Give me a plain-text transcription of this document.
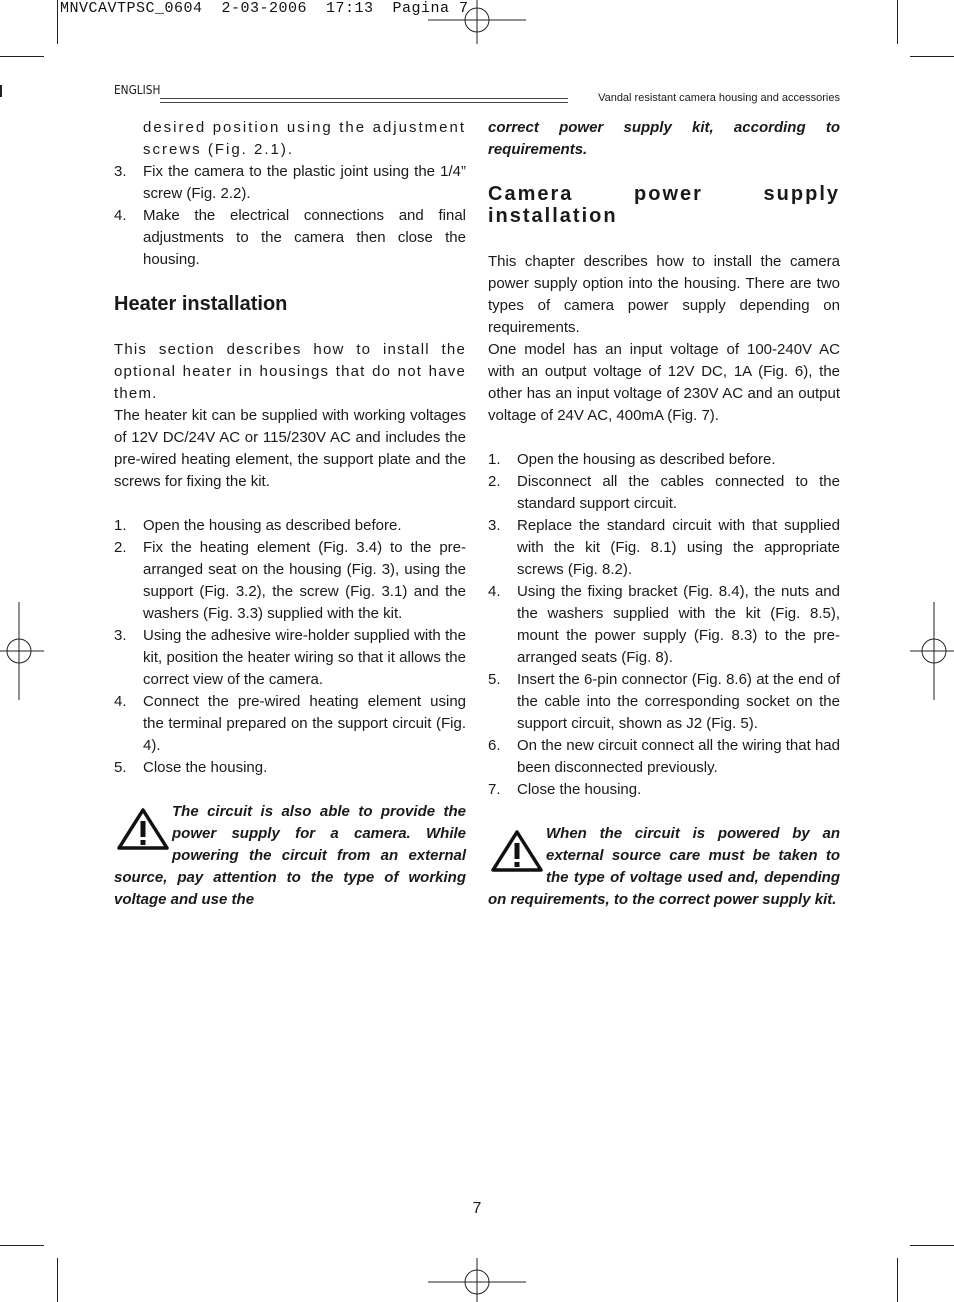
MNVCAVTPSC_0604  2-03-2006  17:13  Pagina 7
ENGLISH
Vandal resistant camera housing and accessories
desired position using the adjustment screws (Fig. 2.1).
3. Fix the camera to the plastic joint using the 1/4” screw (Fig. 2.2).
4. Make the electrical connections and final adjustments to the camera then close the housing.
Heater installation

This section describes how to install the optional heater in housings that do not have them.

The heater kit can be supplied with working voltages of 12V DC/24V AC or 115/230V AC and includes the pre-wired heating element, the support plate and the screws for fixing the kit.

1. Open the housing as described before.
2. Fix the heating element (Fig. 3.4) to the pre-arranged seat on the housing (Fig. 3), using the support (Fig. 3.2), the screw (Fig. 3.1) and the washers (Fig. 3.3) supplied with the kit.
3. Using the adhesive wire-holder supplied with the kit, position the heater wiring so that it allows the correct view of the camera.
4. Connect the pre-wired heating element using the terminal prepared on the support circuit (Fig. 4).
5. Close the housing.
The circuit is also able to provide the power supply for a camera. While powering the circuit from an external source, pay attention to the type of working voltage and use the

correct power supply kit, according to requirements.

Camera power supply installation

This chapter describes how to install the camera power supply option into the housing. There are two types of camera power supply depending on requirements.

One model has an input voltage of 100-240V AC with an output voltage of 12V DC, 1A (Fig. 6), the other has an input voltage of 230V AC and an output voltage of 24V AC, 400mA (Fig. 7).

1. Open the housing as described before.
2. Disconnect all the cables connected to the standard support circuit.
3. Replace the standard circuit with that supplied with the kit (Fig. 8.1) using the appropriate screws (Fig. 8.2).
4. Using the fixing bracket (Fig. 8.4), the nuts and the washers supplied with the kit (Fig. 8.5), mount the power supply (Fig. 8.3) to the pre-arranged seats (Fig. 8).
5. Insert the 6-pin connector (Fig. 8.6) at the end of the cable into the corresponding socket on the support circuit, shown as J2 (Fig. 5).
6. On the new circuit connect all the wiring that had been disconnected previously.
7. Close the housing.
When the circuit is powered by an external source care must be taken to the type of voltage used and, depending on requirements, to the correct power supply kit.
7
